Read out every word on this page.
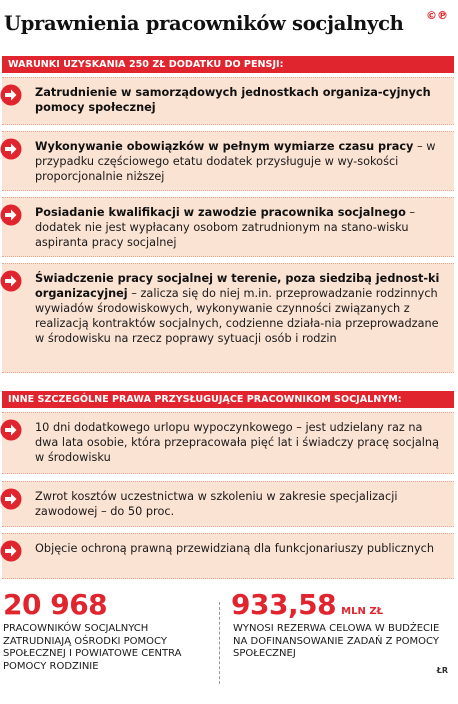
Uprawnienia pracowników socjalnych ©℗
WARUNKI UZYSKANIA 250 ZŁ DODATKU DO PENSJI:
Zatrudnienie w samorządowych jednostkach organiza-cyjnych pomocy społecznej
Wykonywanie obowiązków w pełnym wymiarze czasu pracy – w przypadku częściowego etatu dodatek przysługuje w wy-sokości proporcjonalnie niższej
Posiadanie kwalifikacji w zawodzie pracownika socjalnego – dodatek nie jest wypłacany osobom zatrudnionym na stano-wisku aspiranta pracy socjalnej
Świadczenie pracy socjalnej w terenie, poza siedzibą jednost-ki organizacyjnej – zalicza się do niej m.in. przeprowadzanie rodzinnych wywiadów środowiskowych, wykonywanie czynności związanych z realizacją kontraktów socjalnych, codzienne działa-nia przeprowadzane w środowisku na rzecz poprawy sytuacji osób i rodzin
INNE SZCZEGÓLNE PRAWA PRZYSŁUGUJĄCE PRACOWNIKOM SOCJALNYM:
10 dni dodatkowego urlopu wypoczynkowego – jest udzielany raz na dwa lata osobie, która przepracowała pięć lat i świadczy pracę socjalną w środowisku
Zwrot kosztów uczestnictwa w szkoleniu w zakresie specjalizacji zawodowej – do 50 proc.
Objęcie ochroną prawną przewidzianą dla funkcjonariuszy publicznych
20 968
PRACOWNIKÓW SOCJALNYCH ZATRUDNIAJĄ OŚRODKI POMOCY SPOŁECZNEJ I POWIATOWE CENTRA POMOCY RODZINIE
933,58 MLN ZŁ
WYNOSI REZERWA CELOWA W BUDŻECIE NA DOFINANSOWANIE ZADAŃ Z POMOCY SPOŁECZNEJ
ŁR
